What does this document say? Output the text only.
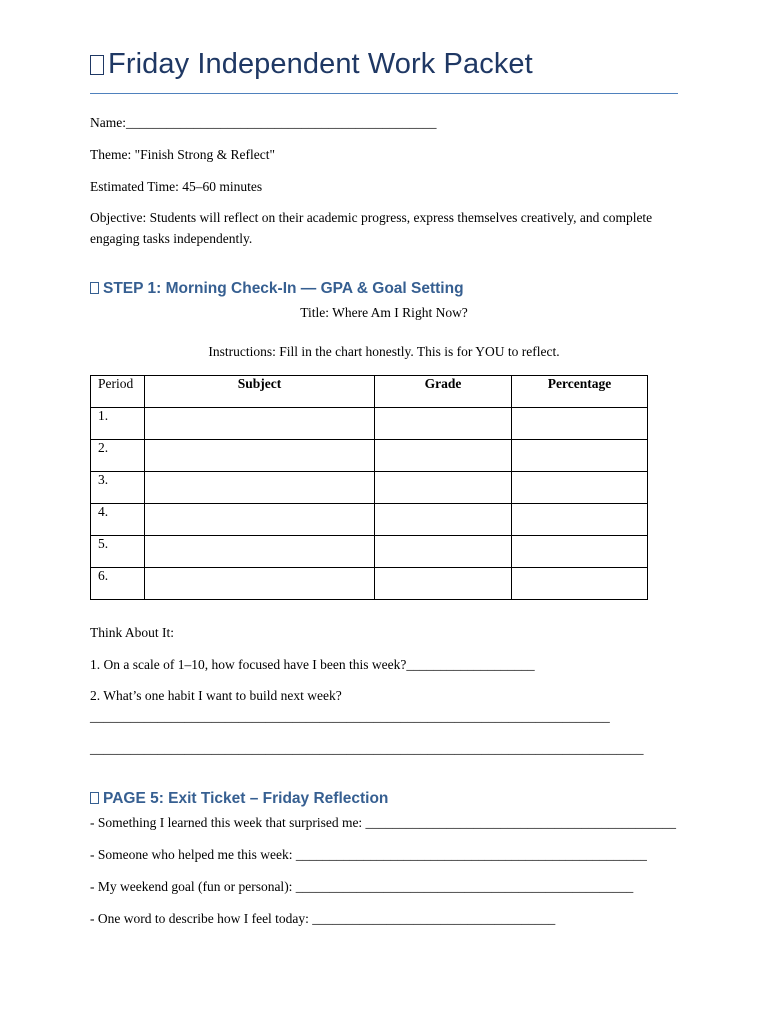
Friday Independent Work Packet
Name:______________________________________________
Theme: "Finish Strong & Reflect"
Estimated Time: 45–60 minutes
Objective: Students will reflect on their academic progress, express themselves creatively, and complete engaging tasks independently.
STEP 1: Morning Check-In — GPA & Goal Setting
Title: Where Am I Right Now?
Instructions: Fill in the chart honestly. This is for YOU to reflect.
Period	Subject	Grade	Percentage
1.			
2.			
3.			
4.			
5.			
6.			
Think About It:
1. On a scale of 1–10, how focused have I been this week?___________________
2. What’s one habit I want to build next week?
_____________________________________________________________________________
__________________________________________________________________________________
PAGE 5: Exit Ticket – Friday Reflection
- Something I learned this week that surprised me: ______________________________________________
- Someone who helped me this week: ____________________________________________________
- My weekend goal (fun or personal): __________________________________________________
- One word to describe how I feel today: ____________________________________
